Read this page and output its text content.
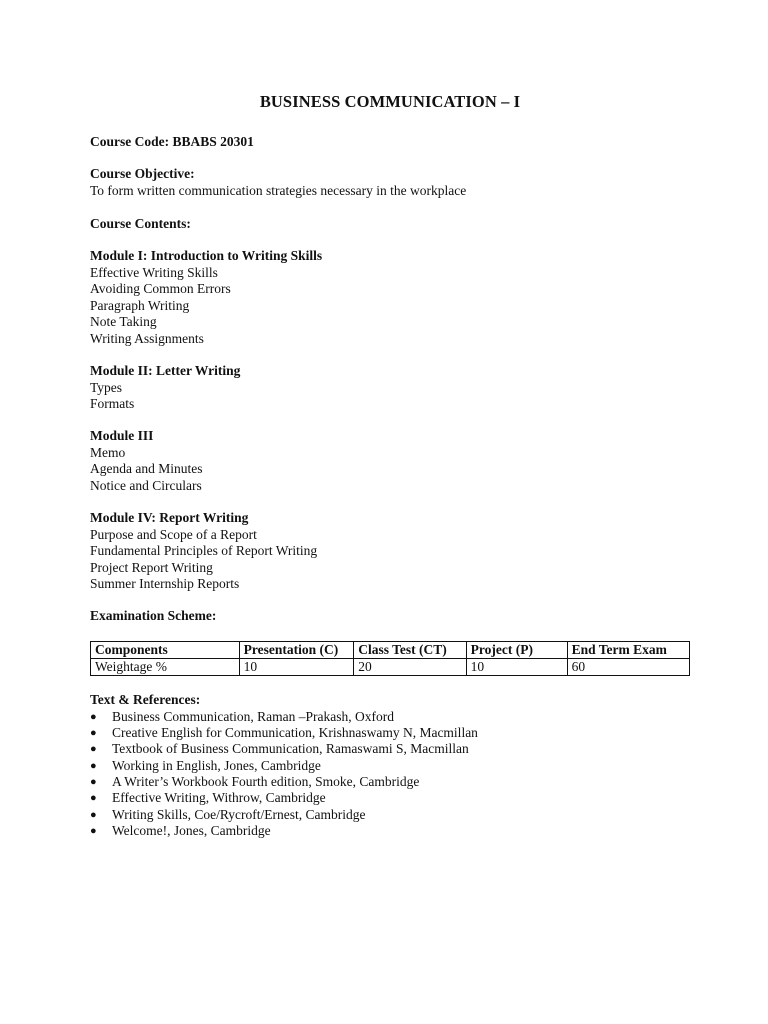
BUSINESS COMMUNICATION – I
Course Code: BBABS 20301
Course Objective:
To form written communication strategies necessary in the workplace
Course Contents:
Module I: Introduction to Writing Skills
Effective Writing Skills
Avoiding Common Errors
Paragraph Writing
Note Taking
Writing Assignments
Module II: Letter Writing
Types
Formats
Module III
Memo
Agenda and Minutes
Notice and Circulars
Module IV: Report Writing
Purpose and Scope of a Report
Fundamental Principles of Report Writing
Project Report Writing
Summer Internship Reports
Examination Scheme:
Components	Presentation (C)	Class Test (CT)	Project (P)	End Term Exam
Weightage %	10	20	10	60
Text & References:
● Business Communication, Raman –Prakash, Oxford
● Creative English for Communication, Krishnaswamy N, Macmillan
● Textbook of Business Communication, Ramaswami S, Macmillan
● Working in English, Jones, Cambridge
● A Writer’s Workbook Fourth edition, Smoke, Cambridge
● Effective Writing, Withrow, Cambridge
● Writing Skills, Coe/Rycroft/Ernest, Cambridge
● Welcome!, Jones, Cambridge
